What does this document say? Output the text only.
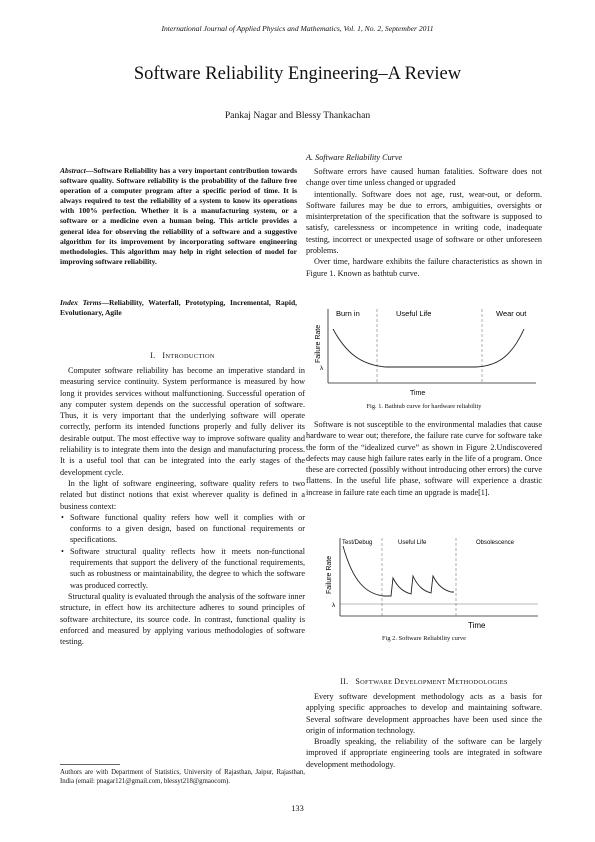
International Journal of Applied Physics and Mathematics, Vol. 1, No. 2, September 2011
Software Reliability Engineering–A Review
Pankaj Nagar and Blessy Thankachan
Abstract—Software Reliability has a very important contribution towards software quality. Software reliability is the probability of the failure free operation of a computer program after a specific period of time. It is always required to test the reliability of a system to know its operations with 100% perfection. Whether it is a manufacturing system, or a software or a medicine even a human being. This article provides a general idea for observing the reliability of a software and a suggestive algorithm for its improvement by incorporating software engineering methodologies. This algorithm may help in right selection of model for improving software reliability.
Index Terms—Reliability, Waterfall, Prototyping, Incremental, Rapid, Evolutionary, Agile
I. INTRODUCTION

Computer software reliability has become an imperative standard in measuring service continuity. System performance is measured by how long it provides services without malfunctioning. Successful operation of any computer system depends on the successful operation of software. Thus, it is very important that the underlying software will operate correctly, perform its intended functions properly and fully deliver its desirable output. The most effective way to improve software quality and reliability is to integrate them into the design and manufacturing process. It is a useful tool that can be integrated into the early stages of the development cycle.

In the light of software engineering, software quality refers to two related but distinct notions that exist wherever quality is defined in a business context:

• Software functional quality refers how well it complies with or conforms to a given design, based on functional requirements or specifications.
• Software structural quality reflects how it meets non-functional requirements that support the delivery of the functional requirements, such as robustness or maintainability, the degree to which the software was produced correctly.

Structural quality is evaluated through the analysis of the software inner structure, in effect how its architecture adheres to sound principles of software architecture, its source code. In contrast, functional quality is enforced and measured by applying various methodologies of software testing.

Authors are with Department of Statistics, University of Rajasthan, Jaipur, Rajasthan, India (email: pnagar121@gmail.com, blessyt218@gmaocom).
A. Software Reliability Curve

Software errors have caused human fatalities. Software does not change over time unless changed or upgraded

intentionally. Software does not age, rust, wear-out, or deform. Software failures may be due to errors, ambiguities, oversights or misinterpretation of the specification that the software is supposed to satisfy, carelessness or incompetence in writing code, inadequate testing, incorrect or unexpected usage of software or other unforeseen problems.

Over time, hardware exhibits the failure characteristics as shown in Figure 1. Known as bathtub curve.

Burn in	Useful Life	Wear out
Failure Rate
λ
Time
Fig. 1. Bathtub curve for hardware reliability

Software is not susceptible to the environmental maladies that cause hardware to wear out; therefore, the failure rate curve for software take the form of the “idealized curve” as shown in Figure 2.Undiscovered defects may cause high failure rates early in the life of a program. Once these are corrected (possibly without introducing other errors) the curve flattens. In the useful life phase, software will experience a drastic increase in failure rate each time an upgrade is made[1].

Test/Debug	Useful Life	Obsolescence
Failure Rate
λ
Time
Fig 2. Software Reliability curve
II. SOFTWARE DEVELOPMENT METHODOLOGIES

Every software development methodology acts as a basis for applying specific approaches to develop and maintaining software. Several software development approaches have been used since the origin of information technology.

Broadly speaking, the reliability of the software can be largely improved if appropriate engineering tools are integrated in software development methodology.

133
